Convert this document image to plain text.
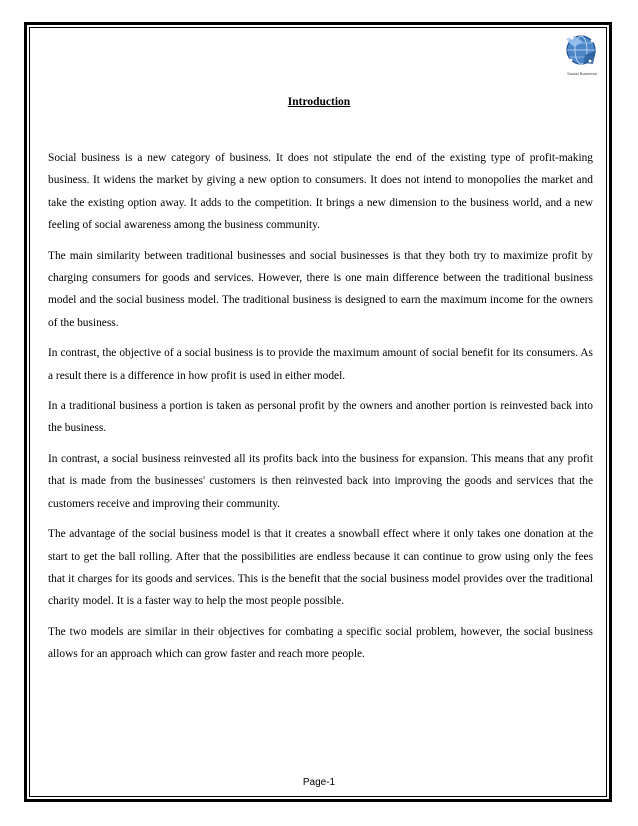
Social Business
Introduction

Social business is a new category of business. It does not stipulate the end of the existing type of profit-making business. It widens the market by giving a new option to consumers. It does not intend to monopolies the market and take the existing option away. It adds to the competition. It brings a new dimension to the business world, and a new feeling of social awareness among the business community.

The main similarity between traditional businesses and social businesses is that they both try to maximize profit by charging consumers for goods and services. However, there is one main difference between the traditional business model and the social business model. The traditional business is designed to earn the maximum income for the owners of the business.

In contrast, the objective of a social business is to provide the maximum amount of social benefit for its consumers. As a result there is a difference in how profit is used in either model.

In a traditional business a portion is taken as personal profit by the owners and another portion is reinvested back into the business.

In contrast, a social business reinvested all its profits back into the business for expansion. This means that any profit that is made from the businesses' customers is then reinvested back into improving the goods and services that the customers receive and improving their community.

The advantage of the social business model is that it creates a snowball effect where it only takes one donation at the start to get the ball rolling. After that the possibilities are endless because it can continue to grow using only the fees that it charges for its goods and services. This is the benefit that the social business model provides over the traditional charity model. It is a faster way to help the most people possible.

The two models are similar in their objectives for combating a specific social problem, however, the social business allows for an approach which can grow faster and reach more people.

Page-1
